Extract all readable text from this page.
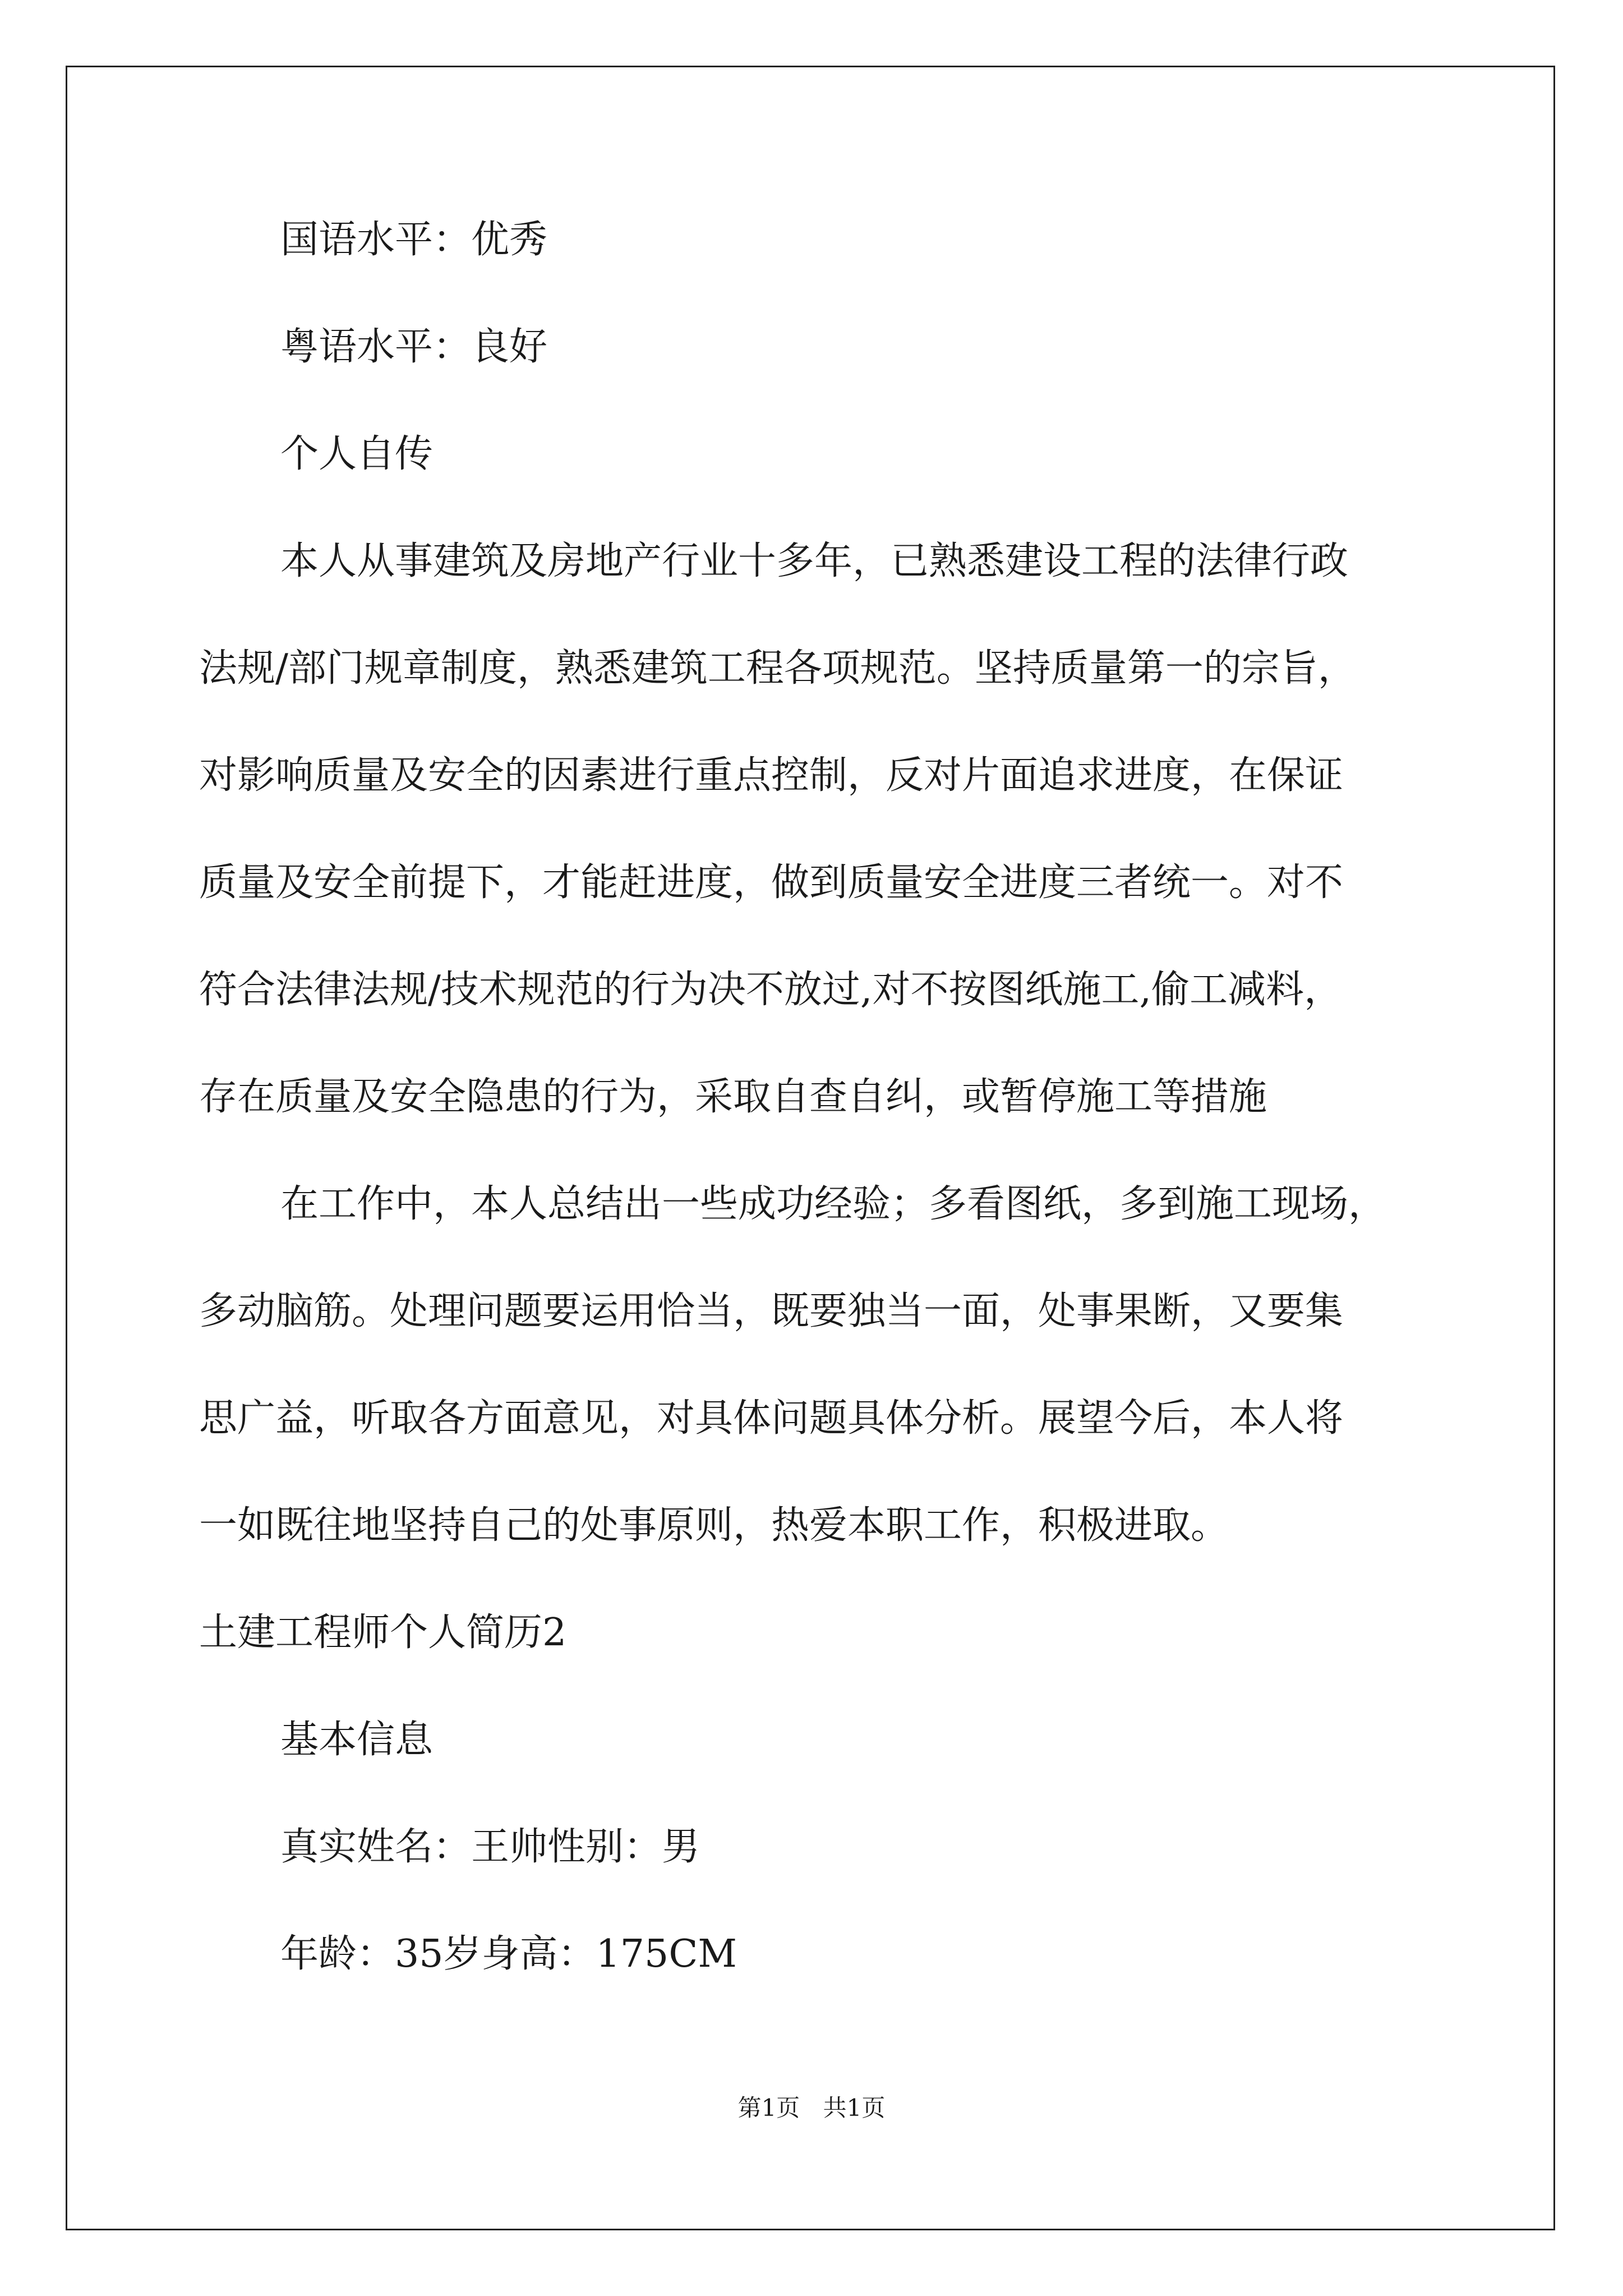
国语水平：优秀
粤语水平：良好
个人自传
本人从事建筑及房地产行业十多年，已熟悉建设工程的法律行政
法规/部门规章制度，熟悉建筑工程各项规范。坚持质量第一的宗旨，
对影响质量及安全的因素进行重点控制，反对片面追求进度，在保证
质量及安全前提下，才能赶进度，做到质量安全进度三者统一。对不
符合法律法规/技术规范的行为决不放过,对不按图纸施工,偷工减料，
存在质量及安全隐患的行为，采取自查自纠，或暂停施工等措施
在工作中，本人总结出一些成功经验；多看图纸，多到施工现场，
多动脑筋。处理问题要运用恰当，既要独当一面，处事果断，又要集
思广益，听取各方面意见，对具体问题具体分析。展望今后，本人将
一如既往地坚持自己的处事原则，热爱本职工作，积极进取。
土建工程师个人简历2
基本信息
真实姓名：王帅性别：男
年龄：35岁身高：175CM
第1页 共1页
